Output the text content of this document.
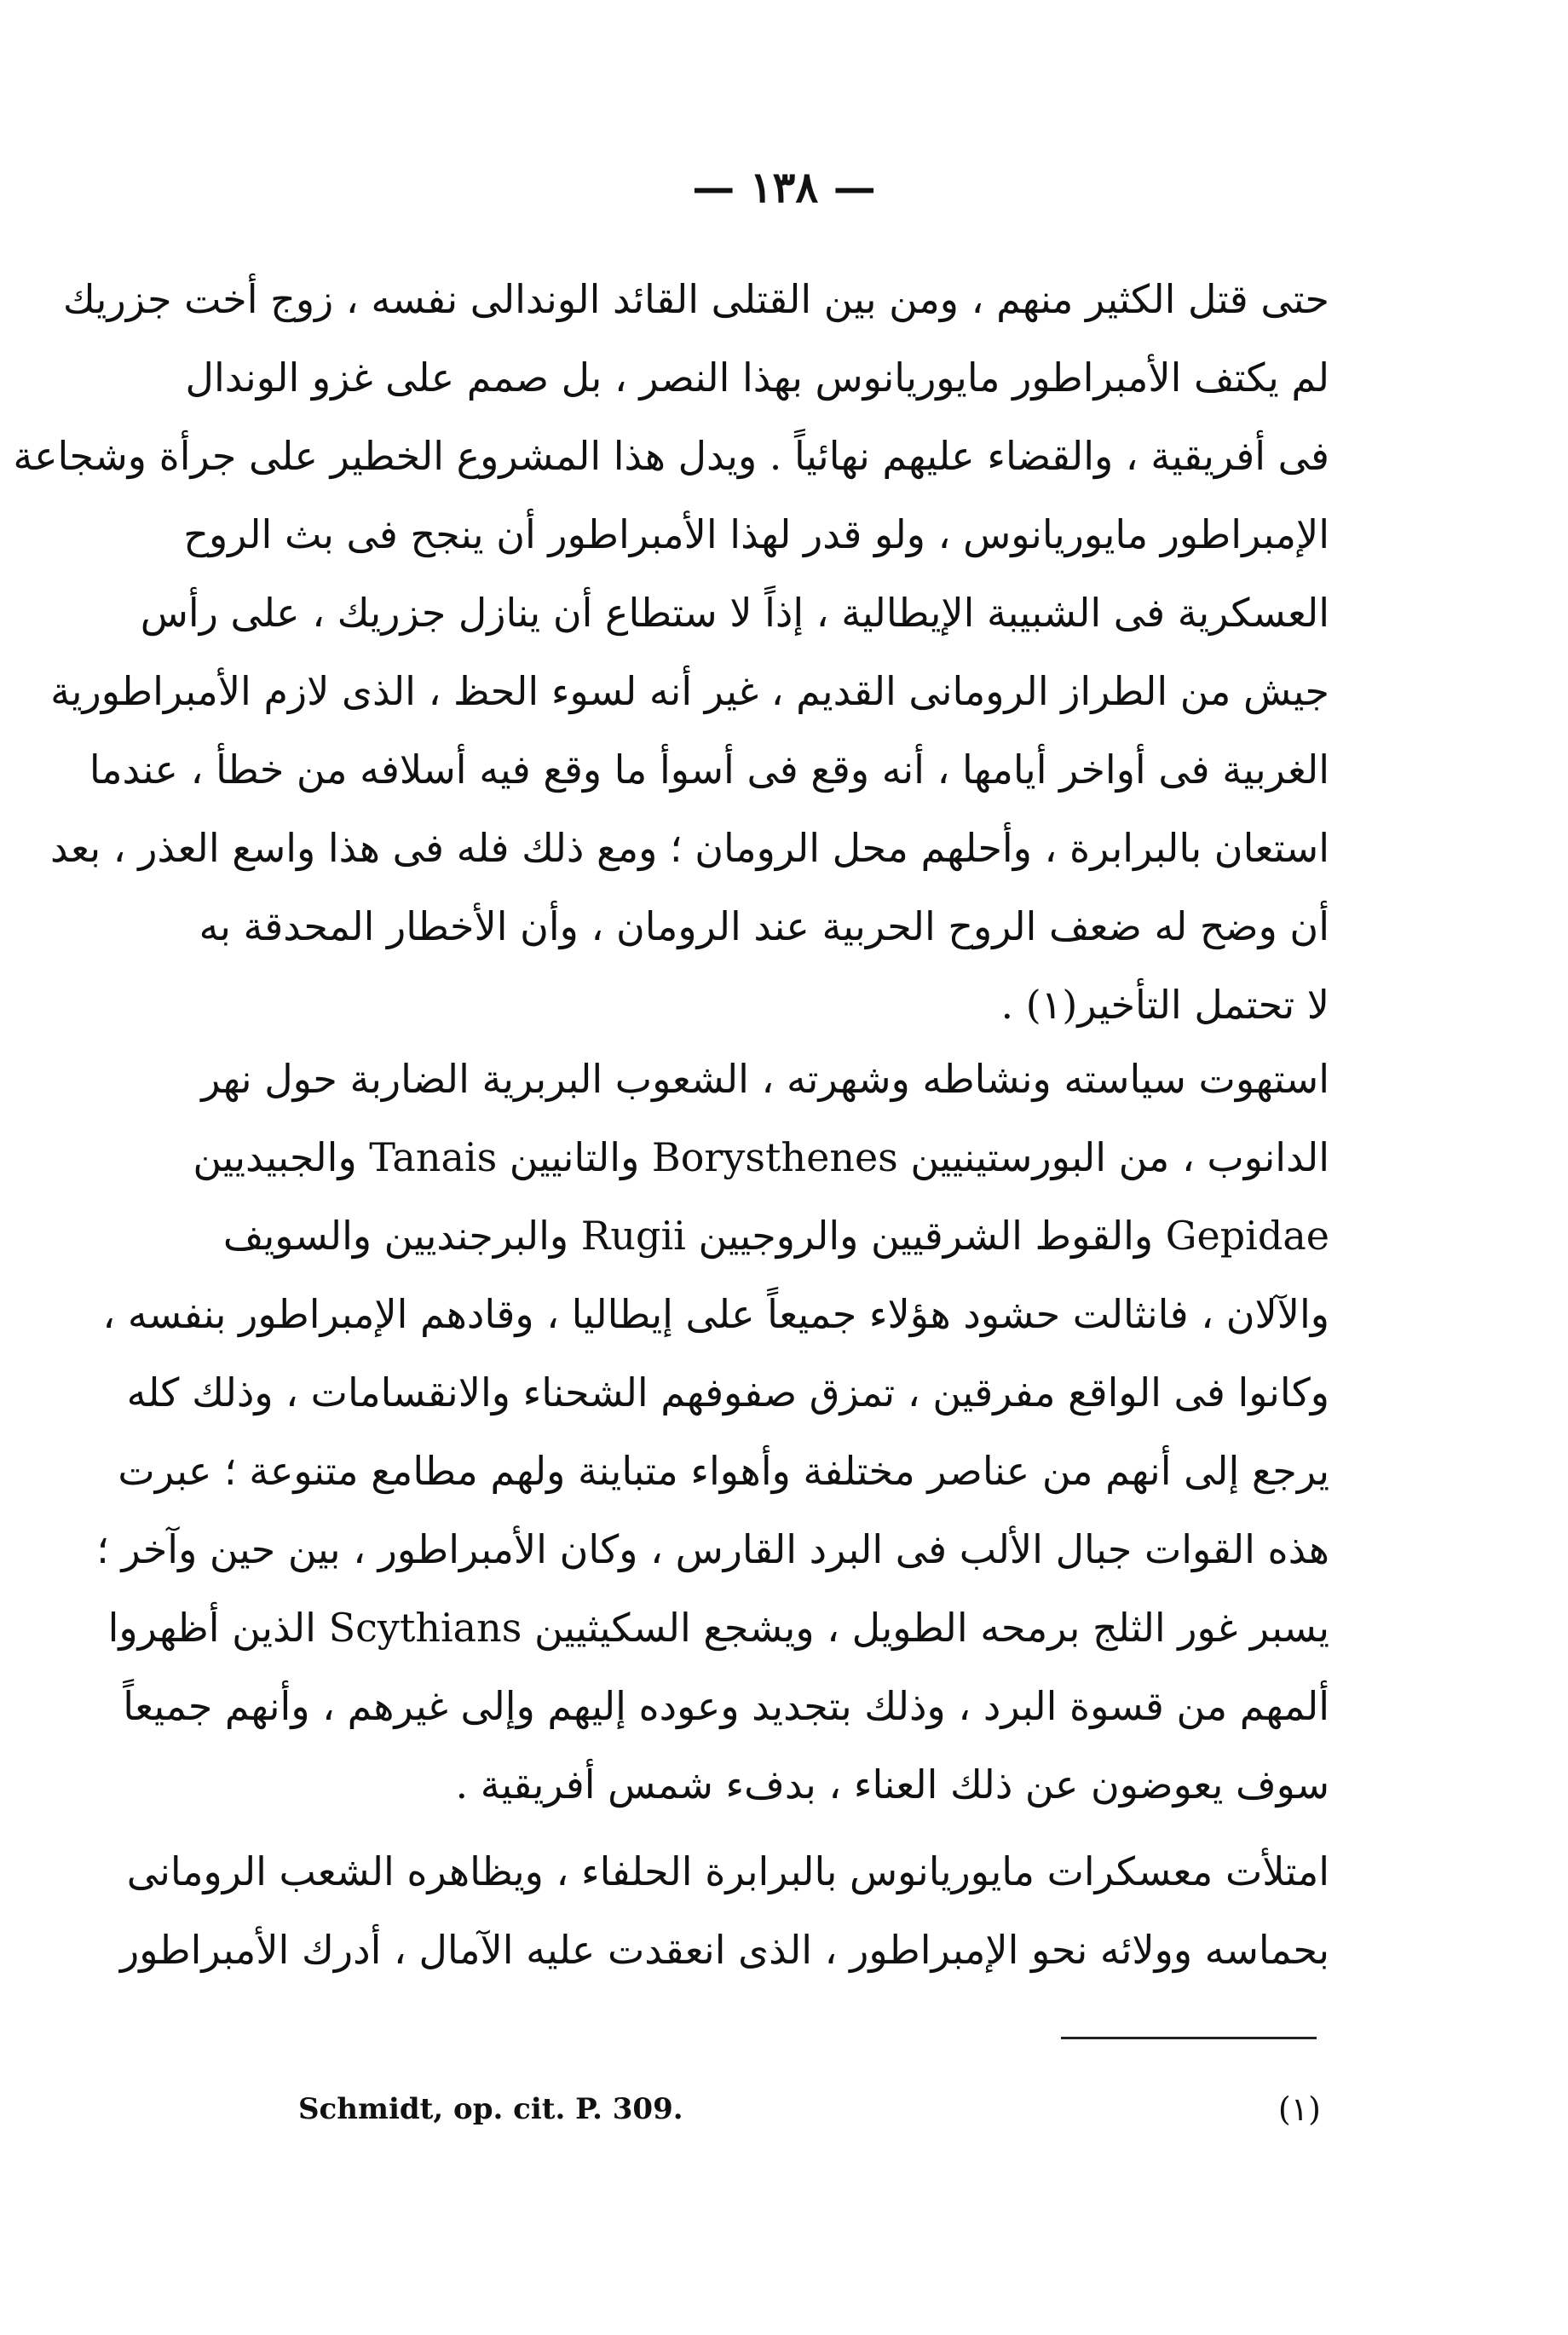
— ١٣٨ —
حتى قتل الكثير منهم ، ومن بين القتلى القائد الوندالى نفسه ، زوج أخت جزريك
لم يكتف الأمبراطور مايوريانوس بهذا النصر ، بل صمم على غزو الوندال
فى أفريقية ، والقضاء عليهم نهائياً . ويدل هذا المشروع الخطير على جرأة وشجاعة
الإمبراطور مايوريانوس ، ولو قدر لهذا الأمبراطور أن ينجح فى بث الروح
العسكرية فى الشبيبة الإيطالية ، إذاً لا ستطاع أن ينازل جزريك ، على رأس
جيش من الطراز الرومانى القديم ، غير أنه لسوء الحظ ، الذى لازم الأمبراطورية
الغربية فى أواخر أيامها ، أنه وقع فى أسوأ ما وقع فيه أسلافه من خطأ ، عندما
استعان بالبرابرة ، وأحلهم محل الرومان ؛ ومع ذلك فله فى هذا واسع العذر ، بعد
أن وضح له ضعف الروح الحربية عند الرومان ، وأن الأخطار المحدقة به
لا تحتمل التأخير(١) .
استهوت سياسته ونشاطه وشهرته ، الشعوب البربرية الضاربة حول نهر
الدانوب ، من البورستينيين Borysthenes والتانيين Tanais والجبيديين
Gepidae والقوط الشرقيين والروجيين Rugii والبرجنديين والسويف
والآلان ، فانثالت حشود هؤلاء جميعاً على إيطاليا ، وقادهم الإمبراطور بنفسه ،
وكانوا فى الواقع مفرقين ، تمزق صفوفهم الشحناء والانقسامات ، وذلك كله
يرجع إلى أنهم من عناصر مختلفة وأهواء متباينة ولهم مطامع متنوعة ؛ عبرت
هذه القوات جبال الألب فى البرد القارس ، وكان الأمبراطور ، بين حين وآخر ؛
يسبر غور الثلج برمحه الطويل ، ويشجع السكيثيين Scythians الذين أظهروا
ألمهم من قسوة البرد ، وذلك بتجديد وعوده إليهم وإلى غيرهم ، وأنهم جميعاً
سوف يعوضون عن ذلك العناء ، بدفء شمس أفريقية .
امتلأت معسكرات مايوريانوس بالبرابرة الحلفاء ، ويظاهره الشعب الرومانى
بحماسه وولائه نحو الإمبراطور ، الذى انعقدت عليه الآمال ، أدرك الأمبراطور
Schmidt, op. cit. P. 309.	(١)
